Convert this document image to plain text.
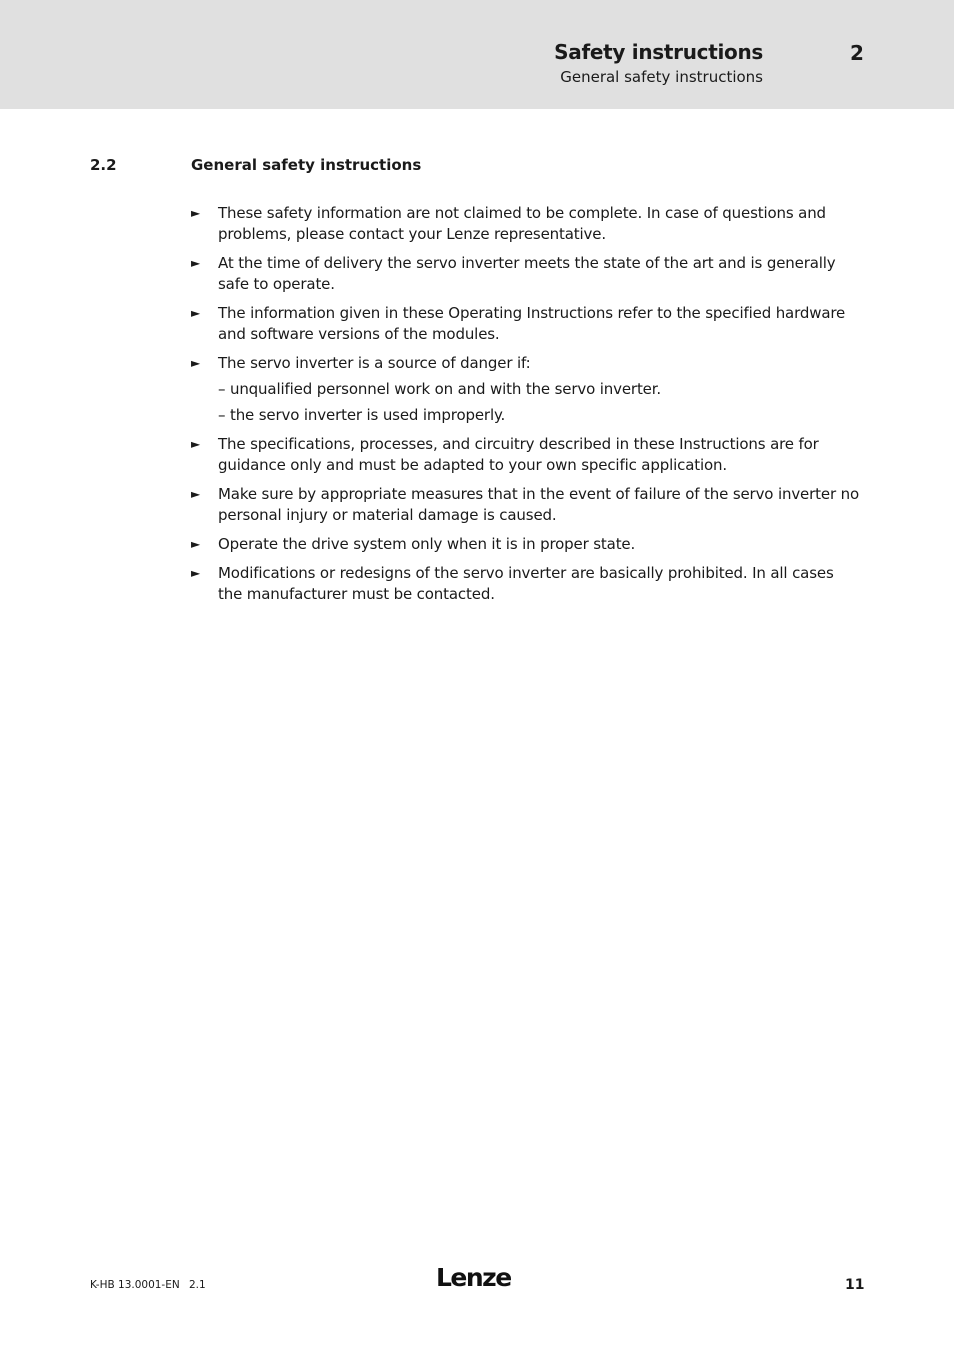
Safety instructions
General safety instructions
2
2.2	General safety instructions
► These safety information are not claimed to be complete. In case of questions and problems, please contact your Lenze representative.
► At the time of delivery the servo inverter meets the state of the art and is generally safe to operate.
► The information given in these Operating Instructions refer to the specified hardware and software versions of the modules.
► The servo inverter is a source of danger if:
– unqualified personnel work on and with the servo inverter.
– the servo inverter is used improperly.
► The specifications, processes, and circuitry described in these Instructions are for guidance only and must be adapted to your own specific application.
► Make sure by appropriate measures that in the event of failure of the servo inverter no personal injury or material damage is caused.
► Operate the drive system only when it is in proper state.
► Modifications or redesigns of the servo inverter are basically prohibited. In all cases the manufacturer must be contacted.
K-HB 13.0001-EN 2.1	Lenze	11
